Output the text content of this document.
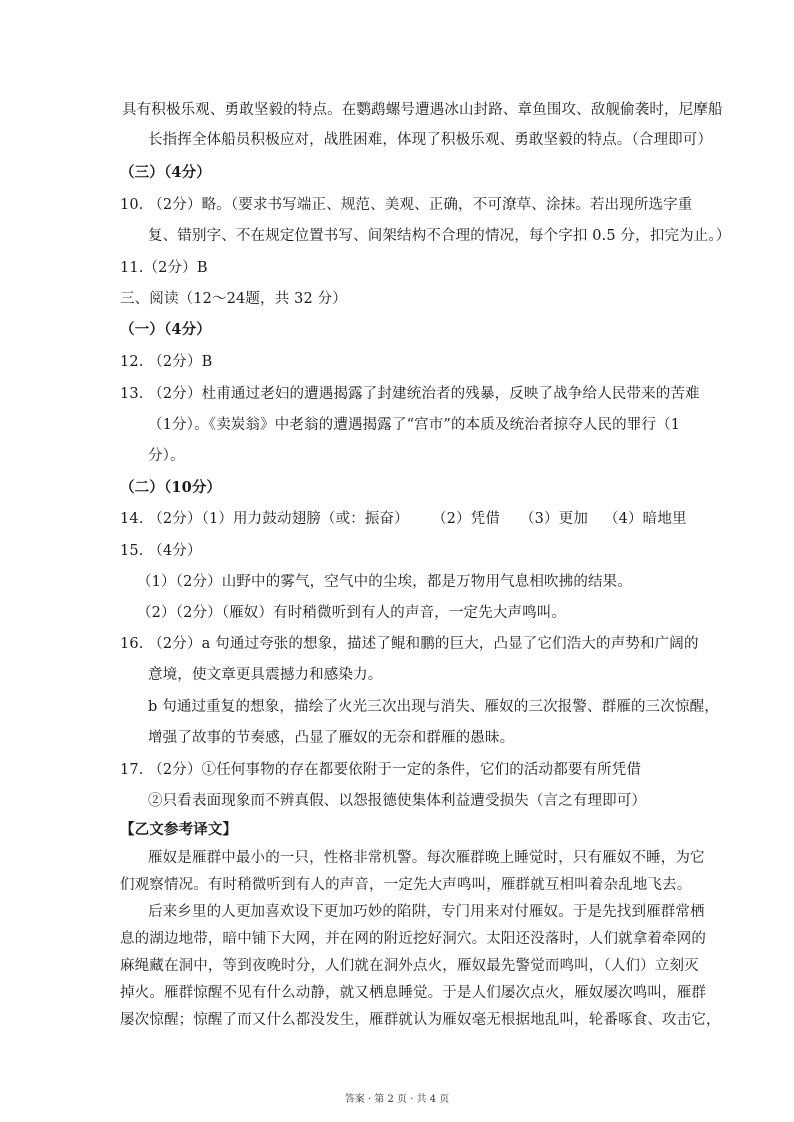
具有积极乐观、勇敢坚毅的特点。在鹦鹉螺号遭遇冰山封路、章鱼围攻、敌舰偷袭时，尼摩船
长指挥全体船员积极应对，战胜困难，体现了积极乐观、勇敢坚毅的特点。（合理即可）
（三）（4分）
10. （2分）略。（要求书写端正、规范、美观、正确，不可潦草、涂抹。若出现所选字重
复、错别字、不在规定位置书写、间架结构不合理的情况，每个字扣 0.5 分，扣完为止。）
11.（2分）B
三、阅读（12～24题，共 32 分）
（一）（4分）
12. （2分）B
13. （2分）杜甫通过老妇的遭遇揭露了封建统治者的残暴，反映了战争给人民带来的苦难
（1分）。《卖炭翁》中老翁的遭遇揭露了“宫市”的本质及统治者掠夺人民的罪行（1
分）。
（二）（10分）
14. （2分）（1）用力鼓动翅膀（或：振奋） （2）凭借 （3）更加 （4）暗地里
15. （4分）
（1）（2分）山野中的雾气，空气中的尘埃，都是万物用气息相吹拂的结果。
（2）（2分）（雁奴）有时稍微听到有人的声音，一定先大声鸣叫。
16. （2分）a 句通过夸张的想象，描述了鲲和鹏的巨大，凸显了它们浩大的声势和广阔的
意境，使文章更具震撼力和感染力。
b 句通过重复的想象，描绘了火光三次出现与消失、雁奴的三次报警、群雁的三次惊醒，
增强了故事的节奏感，凸显了雁奴的无奈和群雁的愚昧。
17. （2分）①任何事物的存在都要依附于一定的条件，它们的活动都要有所凭借
②只看表面现象而不辨真假、以怨报德使集体利益遭受损失（言之有理即可）
【乙文参考译文】
雁奴是雁群中最小的一只，性格非常机警。每次雁群晚上睡觉时，只有雁奴不睡，为它
们观察情况。有时稍微听到有人的声音，一定先大声鸣叫，雁群就互相叫着杂乱地飞去。
后来乡里的人更加喜欢设下更加巧妙的陷阱，专门用来对付雁奴。于是先找到雁群常栖
息的湖边地带，暗中铺下大网，并在网的附近挖好洞穴。太阳还没落时，人们就拿着牵网的
麻绳藏在洞中，等到夜晚时分，人们就在洞外点火，雁奴最先警觉而鸣叫，（人们）立刻灭
掉火。雁群惊醒不见有什么动静，就又栖息睡觉。于是人们屡次点火，雁奴屡次鸣叫，雁群
屡次惊醒；惊醒了而又什么都没发生，雁群就认为雁奴毫无根据地乱叫，轮番啄食、攻击它，
答案 · 第 2 页 · 共 4 页
